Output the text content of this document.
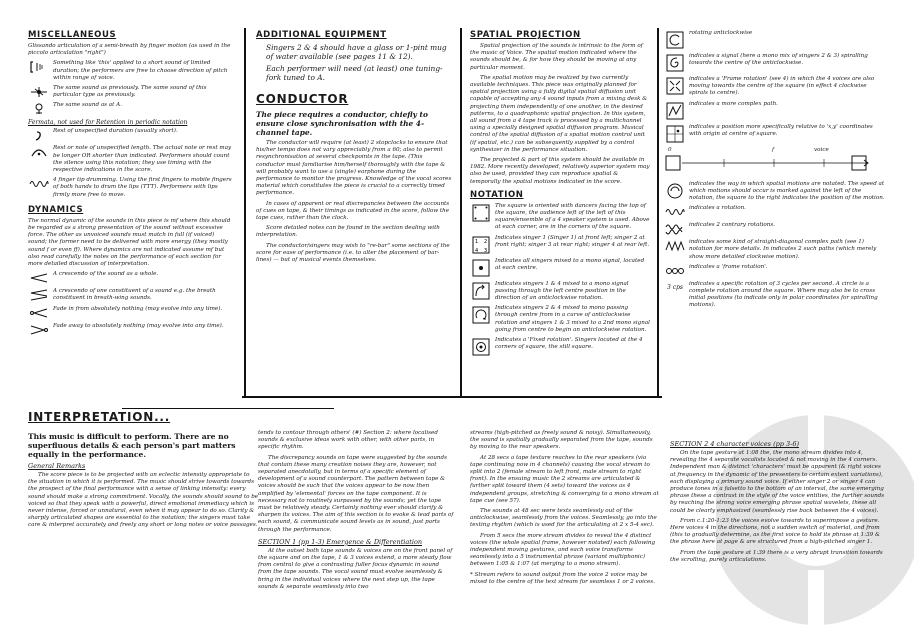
MISCELLANEOUS
Glissando articulation of a semi-breath by finger motion (as used in the piccolo articulation "right")
Something like 'this' applied to a short sound of limited duration; the performers are free to choose direction of pitch within range of voice.
The same sound as previously. The same sound of this particular type as previously.
The same sound as at A.
Fermata, not used for Retention in periodic notation
Rest of unspecified duration (usually short).
Rest or note of unspecified length. The actual note or rest may be longer OR shorter than indicated. Performers should count the silence using this notation; they use timing with the respective indications in the score.
4 finger tip drumming. Using the first fingers to mobile fingers of both hands to drum the lips (TTT). Performers with lips firmly more free to move.
DYNAMICS
The normal dynamic of the sounds in this piece is mf where this should be regarded as a strong presentation of the sound without excessive force. The other as unvoiced sounds must match in full (if voiced) sound; the former need to be delivered with more energy (they mostly sound f or even ff). Where dynamics are not indicated assume mf but also read carefully the notes on the performance of each section for more detailed discussion of interpretation.
A crescendo of the sound as a whole.
A crescendo of one constituent of a sound e.g. the breath constituent in breath-wing sounds.
Fade in from absolutely nothing (may evolve into any time).
Fade away to absolutely nothing (may evolve into any time).
ADDITIONAL EQUIPMENT
Singers 2 & 4 should have a glass or 1-pint mug of water available (see pages 11 & 12).
Each performer will need (at least) one tuning-fork tuned to A.
CONDUCTOR
The piece requires a conductor, chiefly to ensure close synchronisation with the 4-channel tape.
The conductor will require (at least) 2 stopclocks to ensure that his/her tempo does not vary appreciably from a 60; also to permit resynchronisation at several checkpoints in the tape. (This conductor must familiarise him/herself thoroughly with the tape & will probably want to use a (single) earphone during the performance to monitor the progress. Knowledge of the vocal scores material which constitutes the piece is crucial to a correctly timed performance.
In cases of apparent or real discrepancies between the accounts of cues on tape, & their timings as indicated in the score, follow the tape cues, rather than the clock.
Score detailed notes can be found in the section dealing with interpretation.
The conductor/singers may wish to "re-bar" some sections of the score for ease of performance (i.e. to alter the placement of bar-lines) — but of musical events themselves.
SPATIAL PROJECTION
Spatial projection of the sounds is intrinsic to the form of the music of Voice. The spatial motion indicated where the sounds should be, & for how they should be moving at any particular moment.
The spatial motion may be realized by two currently available techniques. This piece was originally planned for spatial projection using a fully digital spatial diffusion unit capable of accepting any 4 sound inputs from a mixing desk & projecting them independently of one another, in the desired patterns, to a quadraphonic spatial projection. In this system, all sound from a 4 tape track is processed by a multichannel using a specially designed spatial diffusion program. Musical control of the spatial diffusion of a spatial motion control unit (if spatial, etc.) can be subsequently supplied by a control synthesizer in the performance situation.
The projected & part of this system should be available in 1982. More recently developed, relatively superior system may also be used, provided they can reproduce spatial & temporally the spatial motions indicated in the score.
NOTATION
The square is oriented with dancers facing the top of the square, the audience left of the left of this square/ensemble of a 4 speaker system is used. Above at each corner, are in the corners of the square.
1 2
4 3
Indicates singer 1 (Singer 1) at front left; singer 2 at front right; singer 3 at rear right; singer 4 at rear left.
Indicates all singers mixed to a mono signal, located at each centre.
Indicates singers 1 & 4 mixed to a mono signal passing through the left centre position in the direction of an anticlockwise rotation.
Indicates singers 2 & 4 mixed to mono passing through centre from in a curve of anticlockwise rotation and singers 1 & 3 mixed to a 2nd mono signal going from centre to begin an anticlockwise rotation.
Indicates a 'Fixed rotation'. Singers located at the 4 corners of square, the still square.
rotating anticlockwise
indicates a signal (here a mono mix of singers 2 & 3) spiralling towards the centre of the anticlockwise.
indicates a 'Frame rotation' (see 4) in which the 4 voices are also moving towards the centre of the square (in effect 4 clockwise spirals to centre).
indicates a more complex path.
indicates a position more specifically relative to 'x,y' coordinates with origin at centre of square.
0	f	voice
indicates the way in which spatial motions are notated. The speed at which motions should occur is marked against the left of the notation, the square to the right indicates the position of the motion.
indicates a rotation.
indicates 2 contrary rotations.
indicates some kind of straight-diagonal complex path (see 1) notation for more details. In indicates 2 such paths (which merely show more detailed clockwise motion).
indicates a 'frame rotation'.
3 cps
indicates a specific rotation of 3 cycles per second. A circle is a complete rotation around the square. Where may also be to cross initial positions (to indicate only in polar coordinates for spiralling motions).
INTERPRETATION...
This music is difficult to perform. There are no superfluous details & each person's part matters equally in the performance.
General Remarks
The score piece is to be projected with an eclectic intensity appropriate to the situation in which it is performed. The music should strive towards towards the prospect of the final performance with a sense of linking intensity: every sound should make a strong commitment. Vocally, the sounds should sound to be voiced so that they speak with a powerful, direct emotional immediacy which is never intense, forced or unnatural, even when it may appear to do so. Clarity & sharply articulated shapes are essential to the notation; the singers must take care & interpret accurately and freely any short or long notes or voice passages.
tends to contour through others' (#) Section 2: where localised sounds & exclusive ideas work with other, with other parts, in specific rhythm.
The discrepancy sounds on tape were suggested by the sounds that contain these many creation noises they are, however, not separated anecdotally, but in terms of a specific element of development of a sound counterpart. The pattern between tape & voices should be such that the voices appear to be now then amplified by 'elemental' forces on the tape component. It is necessary not to routinely surpassed by the sounds; yet the tape must be relatively steady. Certainly nothing ever should clarify & sharpen its voices. The aim of this section is to evoke & lead parts of each sound, & communicate sound levels as in sound, just parts through the performance.
SECTION 1 (pp 1-3) Emergence & Differentiation
At the outset both tape sounds & voices are on the front panel of the square and on the tape, 1 & 3 voices extend, a more steady flow from central to give a contrasting fuller focus dynamic in sound from the tape sounds. The vocal sound must evolve seamlessly & bring in the individual voices where the next step up, the tape sounds & separate seamlessly into two
streams (high-pitched as freely sound & noisy). Simultaneously, the sound is spatially gradually separated from the tape, sounds by moving to the rear speakers.
At 28 secs a tape texture reaches to the rear speakers (via tape continuing now in 4 channels) causing the vocal stream to split into 2 (female stream to left front, male stream to right front). In the ensuing music the 2 streams are articulated & further split toward them (4 sets) toward the voices as 4 independent groups, stretching & converging to a mono stream at tape cue (see 57).
The sounds at 48 sec were texts seamlessly out of the anticlockwise, seamlessly from the voices. Seamlessly, go into the texting rhythm (which is used for the articulating at 2 x 5-4 sec).
From 5 secs the more stream divides to reveal the 4 distinct voices (the whole spatial frame, however notated) each following independent moving gestures, and each voice transforms seamlessly into a 5 instrumental phrase (variant multiphonic) between 1:05 & 1:07 (at merging to a mono stream).
* Stream refers to sound output from the voice 2 voice may be mixed to the centre of the text stream for seamless 1 or 2 voices.
SECTION 2 4 character voices (pp 3-6)
On the tape gesture at 1:08 the, the mono stream divides into 4, revealing the 4 separate vocalists located & not moving in the 4 corners. Independent man & distinct 'characters' must be apparent (& right voices at frequency in the dynamic of the presenters to certain extent variations), each displaying a primary sound voice. If either singer 2 or singer 4 can produce tones in a falsetto to the bottom of an interval, the same emerging phrase these a contrast in the style of the voice entities, the further sounds by reaching the strong voice emerging phrase spatial wavelets, these all could be clearly emphasized (seamlessly rise back between the 4 voices).
From c.1:20-1:23 the voices evolve towards to superimpose a gesture. Here voices 4 in the directions, not a sudden switch of material, and from (this to gradually determine, as the first voice to hold its phrase at 1:39 & the phrase here at page & are structured from a high-pitched singer 1.
From the tape gesture at 1:39 there is a very abrupt transition towards the scrolling, purely articulations.
